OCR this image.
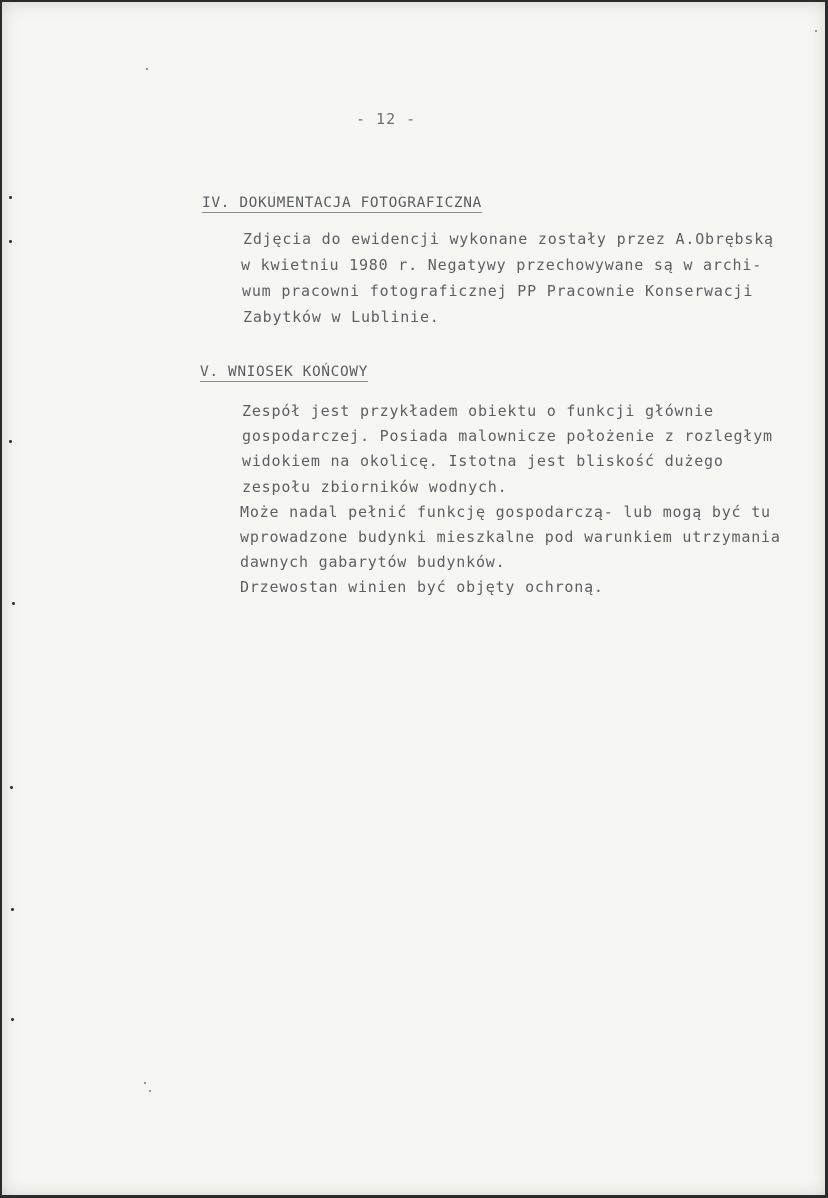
- 12 -
IV. DOKUMENTACJA FOTOGRAFICZNA
Zdjęcia do ewidencji wykonane zostały przez A.Obrębską
w kwietniu 1980 r. Negatywy przechowywane są w archi-
wum pracowni fotograficznej PP Pracownie Konserwacji
Zabytków w Lublinie.
V. WNIOSEK KOŃCOWY
Zespół jest przykładem obiektu o funkcji głównie
gospodarczej. Posiada malownicze położenie z rozległym
widokiem na okolicę. Istotna jest bliskość dużego
zespołu zbiorników wodnych.
Może nadal pełnić funkcję gospodarczą- lub mogą być tu
wprowadzone budynki mieszkalne pod warunkiem utrzymania
dawnych gabarytów budynków.
Drzewostan winien być objęty ochroną.
